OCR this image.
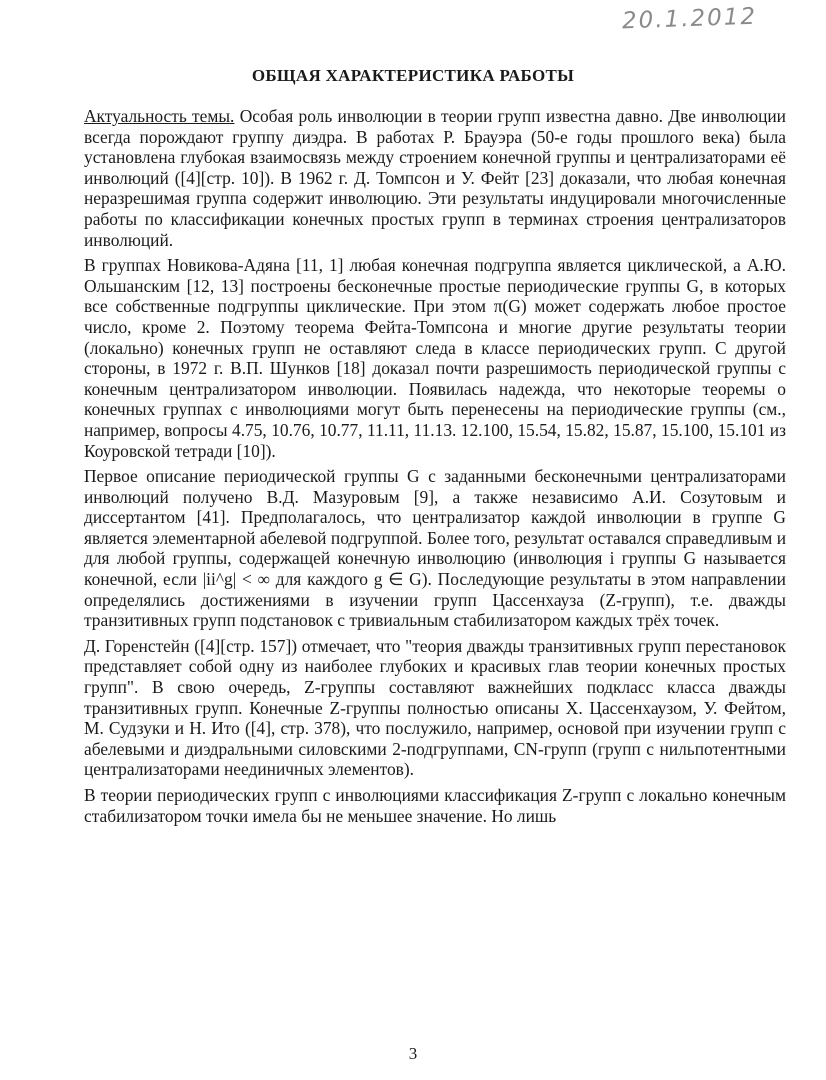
20.1.2012
ОБЩАЯ ХАРАКТЕРИСТИКА РАБОТЫ

Актуальность темы. Особая роль инволюции в теории групп известна давно. Две инволюции всегда порождают группу диэдра. В работах Р. Брауэра (50-е годы прошлого века) была установлена глубокая взаимосвязь между строением конечной группы и централизаторами её инволюций ([4][стр. 10]). В 1962 г. Д. Томпсон и У. Фейт [23] доказали, что любая конечная неразрешимая группа содержит инволюцию. Эти результаты индуцировали многочисленные работы по классификации конечных простых групп в терминах строения централизаторов инволюций.

В группах Новикова-Адяна [11, 1] любая конечная подгруппа является циклической, а А.Ю. Ольшанским [12, 13] построены бесконечные простые периодические группы G, в которых все собственные подгруппы циклические. При этом π(G) может содержать любое простое число, кроме 2. Поэтому теорема Фейта-Томпсона и многие другие результаты теории (локально) конечных групп не оставляют следа в классе периодических групп. С другой стороны, в 1972 г. В.П. Шунков [18] доказал почти разрешимость периодической группы с конечным централизатором инволюции. Появилась надежда, что некоторые теоремы о конечных группах с инволюциями могут быть перенесены на периодические группы (см., например, вопросы 4.75, 10.76, 10.77, 11.11, 11.13. 12.100, 15.54, 15.82, 15.87, 15.100, 15.101 из Коуровской тетради [10]).

Первое описание периодической группы G с заданными бесконечными централизаторами инволюций получено В.Д. Мазуровым [9], а также независимо А.И. Созутовым и диссертантом [41]. Предполагалось, что централизатор каждой инволюции в группе G является элементарной абелевой подгруппой. Более того, результат оставался справедливым и для любой группы, содержащей конечную инволюцию (инволюция i группы G называется конечной, если |ii^g| < ∞ для каждого g ∈ G). Последующие результаты в этом направлении определялись достижениями в изучении групп Цассенхауза (Z-групп), т.е. дважды транзитивных групп подстановок с тривиальным стабилизатором каждых трёх точек.

Д. Горенстейн ([4][стр. 157]) отмечает, что "теория дважды транзитивных групп перестановок представляет собой одну из наиболее глубоких и красивых глав теории конечных простых групп". В свою очередь, Z-группы составляют важнейших подкласс класса дважды транзитивных групп. Конечные Z-группы полностью описаны Х. Цассенхаузом, У. Фейтом, М. Судзуки и Н. Ито ([4], стр. 378), что послужило, например, основой при изучении групп с абелевыми и диэдральными силовскими 2-подгруппами, CN-групп (групп с нильпотентными централизаторами неединичных элементов).

В теории периодических групп с инволюциями классификация Z-групп с локально конечным стабилизатором точки имела бы не меньшее значение. Но лишь

3
